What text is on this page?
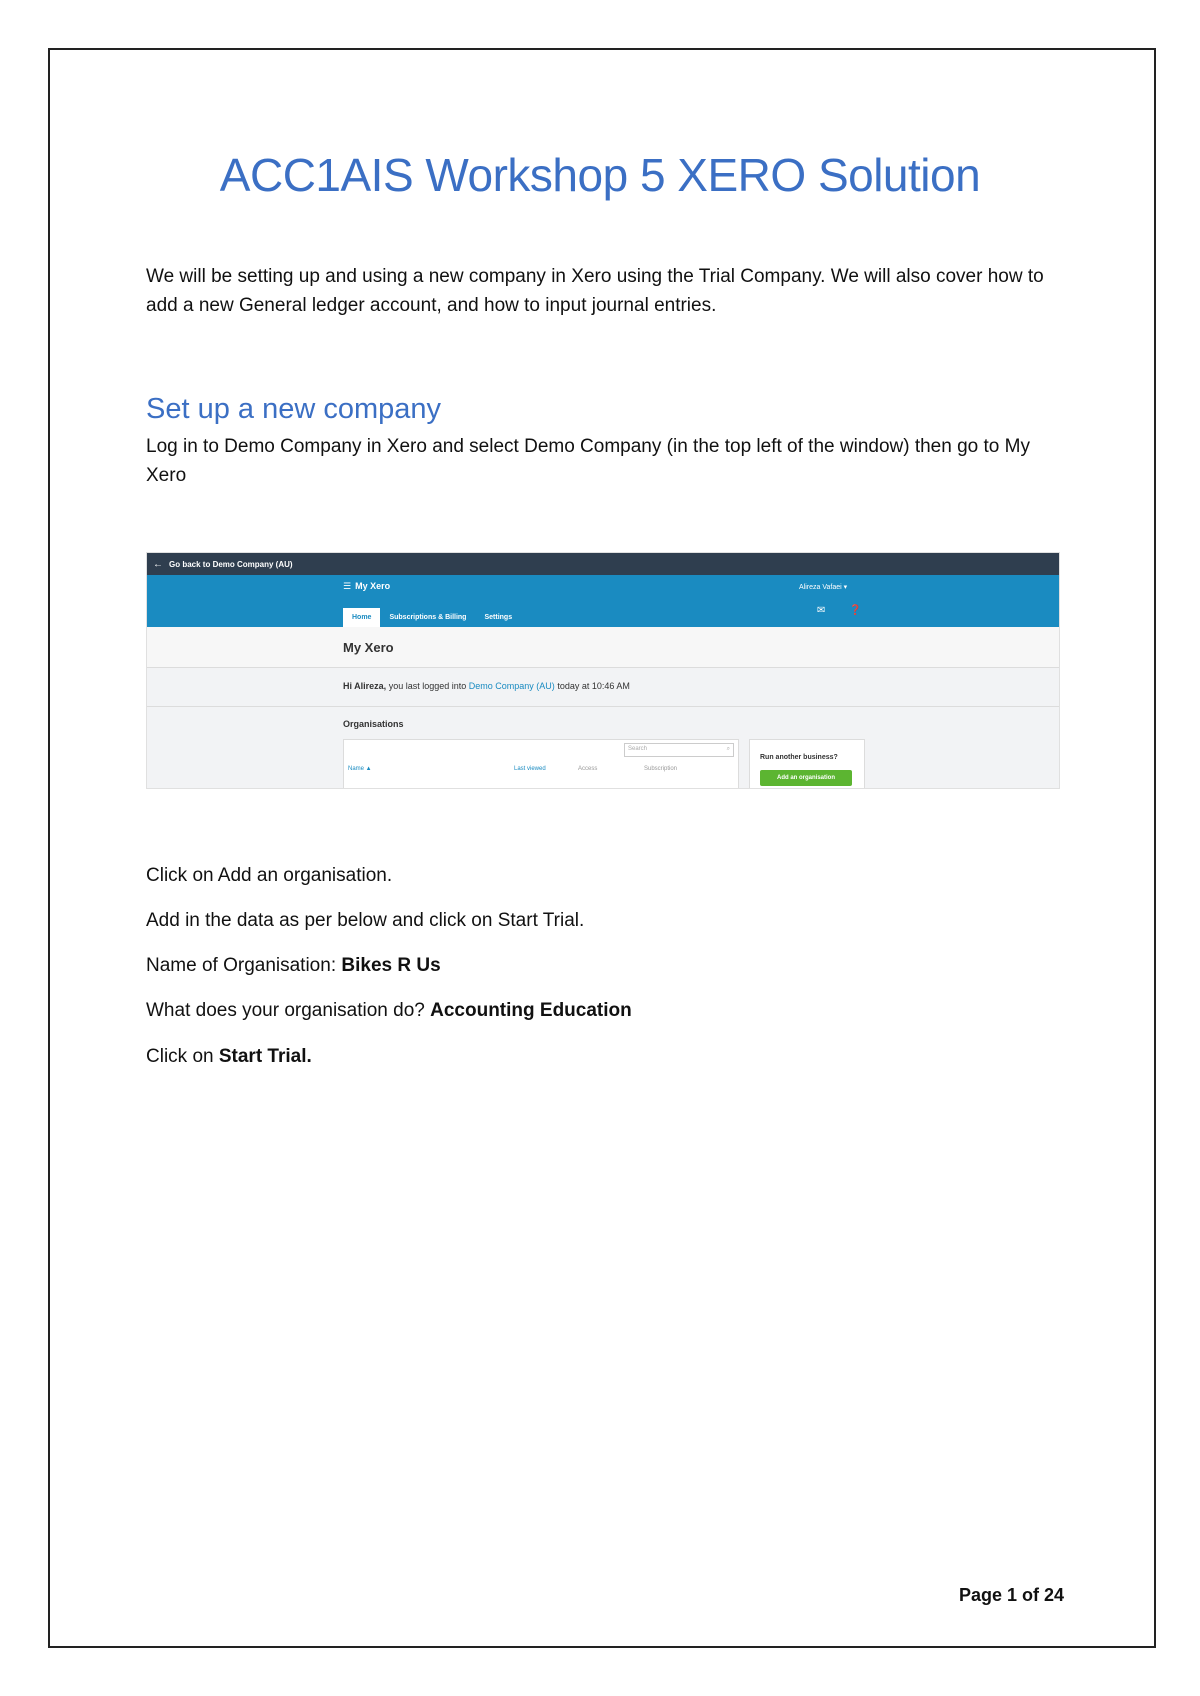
ACC1AIS Workshop 5 XERO Solution

We will be setting up and using a new company in Xero using the Trial Company. We will also cover how to add a new General ledger account, and how to input journal entries.

Set up a new company

Log in to Demo Company in Xero and select Demo Company (in the top left of the window) then go to My Xero

← Go back to Demo Company (AU)
☰ My Xero	Alireza Vafaei ▾
✉ ❓
Home	Subscriptions & Billing	Settings
My Xero
Hi Alireza, you last logged into Demo Company (AU) today at 10:46 AM
Organisations
Search	⌕
Name ▲	Last viewed	Access	Subscription
Run another business?
Add an organisation

Click on Add an organisation.

Add in the data as per below and click on Start Trial.

Name of Organisation: Bikes R Us

What does your organisation do? Accounting Education

Click on Start Trial.

Page 1 of 24
